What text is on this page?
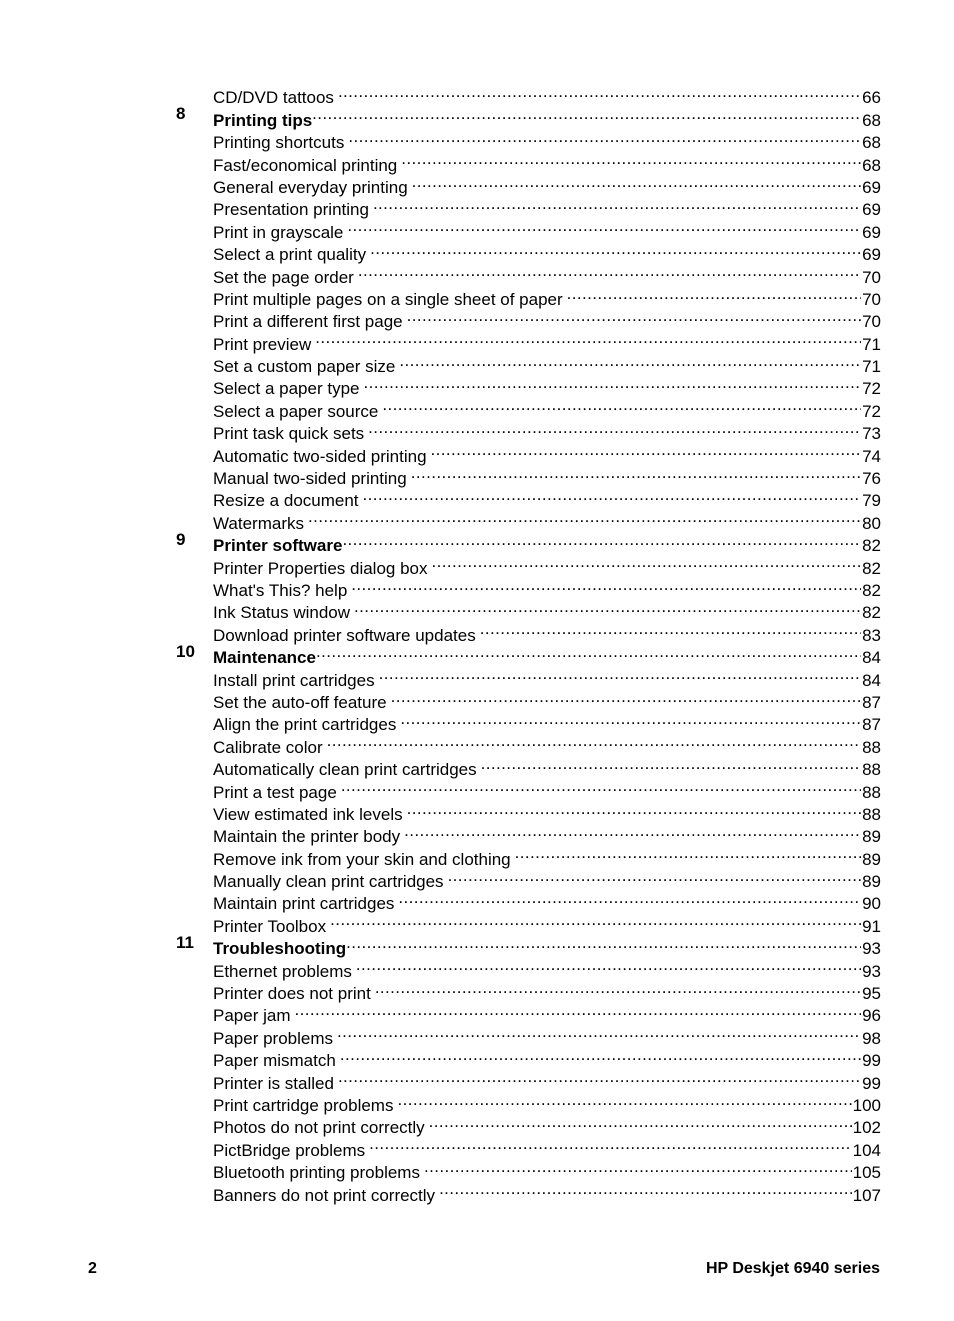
CD/DVD tattoos .....	66
8 Printing tips .....	68
Printing shortcuts .....	68
Fast/economical printing .....	68
General everyday printing .....	69
Presentation printing .....	69
Print in grayscale .....	69
Select a print quality .....	69
Set the page order .....	70
Print multiple pages on a single sheet of paper .....	70
Print a different first page .....	70
Print preview .....	71
Set a custom paper size .....	71
Select a paper type .....	72
Select a paper source .....	72
Print task quick sets .....	73
Automatic two-sided printing .....	74
Manual two-sided printing .....	76
Resize a document .....	79
Watermarks .....	80
9 Printer software .....	82
Printer Properties dialog box .....	82
What's This? help .....	82
Ink Status window .....	82
Download printer software updates .....	83
10 Maintenance .....	84
Install print cartridges .....	84
Set the auto-off feature .....	87
Align the print cartridges .....	87
Calibrate color .....	88
Automatically clean print cartridges .....	88
Print a test page .....	88
View estimated ink levels .....	88
Maintain the printer body .....	89
Remove ink from your skin and clothing .....	89
Manually clean print cartridges .....	89
Maintain print cartridges .....	90
Printer Toolbox .....	91
11 Troubleshooting .....	93
Ethernet problems .....	93
Printer does not print .....	95
Paper jam .....	96
Paper problems .....	98
Paper mismatch .....	99
Printer is stalled .....	99
Print cartridge problems .....	100
Photos do not print correctly .....	102
PictBridge problems .....	104
Bluetooth printing problems .....	105
Banners do not print correctly .....	107
2	HP Deskjet 6940 series
